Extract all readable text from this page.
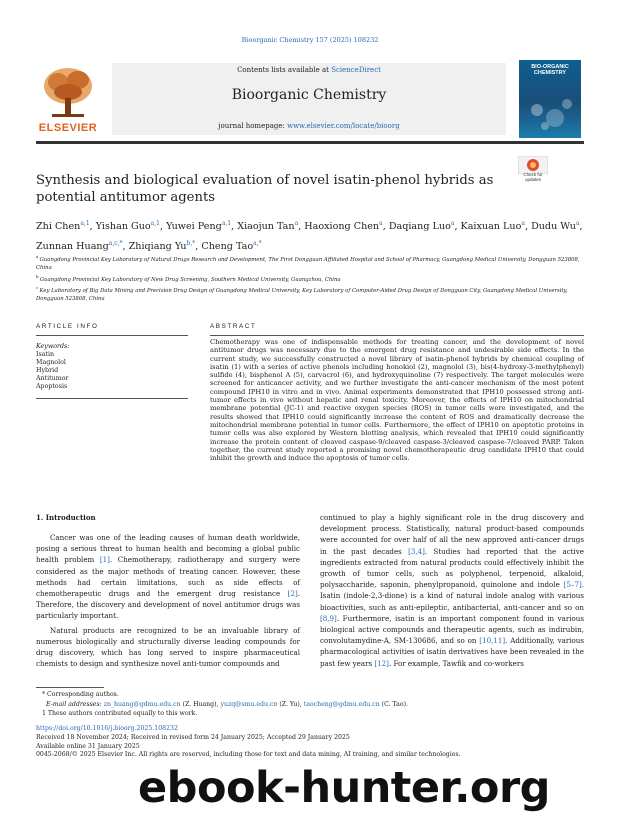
Bioorganic Chemistry 157 (2025) 108232
ELSEVIER
Contents lists available at ScienceDirect
Bioorganic Chemistry
journal homepage: www.elsevier.com/locate/bioorg
BIO-ORGANIC CHEMISTRY
Synthesis and biological evaluation of novel isatin-phenol hybrids as potential antitumor agents
Check for updates
Zhi Chen$^{a,1}$, Yishan Guo$^{a,1}$, Yuwei Peng$^{a,1}$, Xiaojun Tan$^a$, Haoxiong Chen$^a$, Daqiang Luo$^a$, Kaixuan Luo$^a$, Dudu Wu$^a$, Zunnan Huang$^{a,c,*}$, Zhiqiang $Yu^{b,*}$, Cheng Tao$^{a,*}$
$^a$ Guangdong Provincial Key Laboratory of Natural Drugs Research and Development, The First Dongguan Affiliated Hospital and School of Pharmacy, Guangdong Medical University, Dongguan 523808, China
$^b$ Guangdong Provincial Key Laboratory of New Drug Screening, Southern Medical University, Guangzhou, China
$^c$ Key Laboratory of Big Data Mining and Precision Drug Design of Guangdong Medical University, Key Laboratory of Computer-Aided Drug Design of Dongguan City, Guangdong Medical University, Dongguan 523808, China
ARTICLE INFO
Keywords:
Isatin
Magnolol
Hybrid
Antitumor
Apoptosis
ABSTRACT
Chemotherapy was one of indispensable methods for treating cancer, and the development of novel antitumor drugs was necessary due to the emergent drug resistance and undesirable side effects. In the current study, we successfully constructed a novel library of isatin-phenol hybrids by chemical coupling of isatin (1) with a series of active phenols including honokiol (2), magnolol (3), bis(4-hydroxy-3-methylphenyl) sulfide (4), bisphenol A (5), carvacrol (6), and hydroxyquinoline (7) respectively. The target molecules were screened for anticancer activity, and we further investigate the anti-cancer mechanism of the most potent compound IPH10 in vitro and in vivo. Animal experiments demonstrated that IPH10 possessed strong anti-tumor effects in vivo without hepatic and renal toxicity. Moreover, the effects of IPH10 on mitochondrial membrane potential (JC-1) and reactive oxygen species (ROS) in tumor cells were investigated, and the results showed that IPH10 could significantly increase the content of ROS and dramatically decrease the mitochondrial membrane potential in tumor cells. Furthermore, the effect of IPH10 on apoptotic proteins in tumor cells was also explored by Western blotting analysis, which revealed that IPH10 could significantly increase the protein content of cleaved caspase-9/cleaved caspase-3/cleaved caspase-7/cleaved PARP. Taken together, the current study reported a promising novel chemotherapeutic drug candidate IPH10 that could inhibit the growth and induce the apoptosis of tumor cells.
1. Introduction

Cancer was one of the leading causes of human death worldwide, posing a serious threat to human health and becoming a global public health problem [1]. Chemotherapy, radiotherapy and surgery were considered as the major methods of treating cancer. However, these methods had certain limitations, such as side effects of chemotherapeutic drugs and the emergent drug resistance [2]. Therefore, the discovery and development of novel antitumor drugs was particularly important.

Natural products are recognized to be an invaluable library of numerous biologically and structurally diverse leading compounds for drug discovery, which has long served to inspire pharmaceutical chemists to design and synthesize novel anti-tumor compounds and

continued to play a highly significant role in the drug discovery and development process. Statistically, natural product-based compounds were accounted for over half of all the new approved anti-cancer drugs in the past decades [3,4]. Studies had reported that the active ingredients extracted from natural products could effectively inhibit the growth of tumor cells, such as polyphenol, terpenoid, alkaloid, polysaccharide, saponin, phenylpropanoid, quinolone and indole [5–7]. Isatin (indole-2,3-dione) is a kind of natural indole analog with various bioactivities, such as anti-epileptic, antibacterial, anti-cancer and so on [8,9]. Furthermore, isatin is an important component found in various biological active compounds and therapeutic agents, such as indirubin, convolutamydine-A, SM-130686, and so on [10,11]. Additionally, various pharmacological activities of isatin derivatives have been revealed in the past few years [12]. For example, Tawfik and co-workers

* Corresponding authos.
E-mail addresses: zn_huang@gdmu.edu.cn (Z. Huang), yuzq@smu.edu.cn (Z. Yu), taocheng@gdmu.edu.cn (C. Tao).
1 These authors contributed equally to this work.
https://doi.org/10.1016/j.bioorg.2025.108232
Received 18 November 2024; Received in revised form 24 January 2025; Accepted 29 January 2025
Available online 31 January 2025
0045-2068/© 2025 Elsevier Inc. All rights are reserved, including those for text and data mining, AI training, and similar technologies.
ebook-hunter.org
